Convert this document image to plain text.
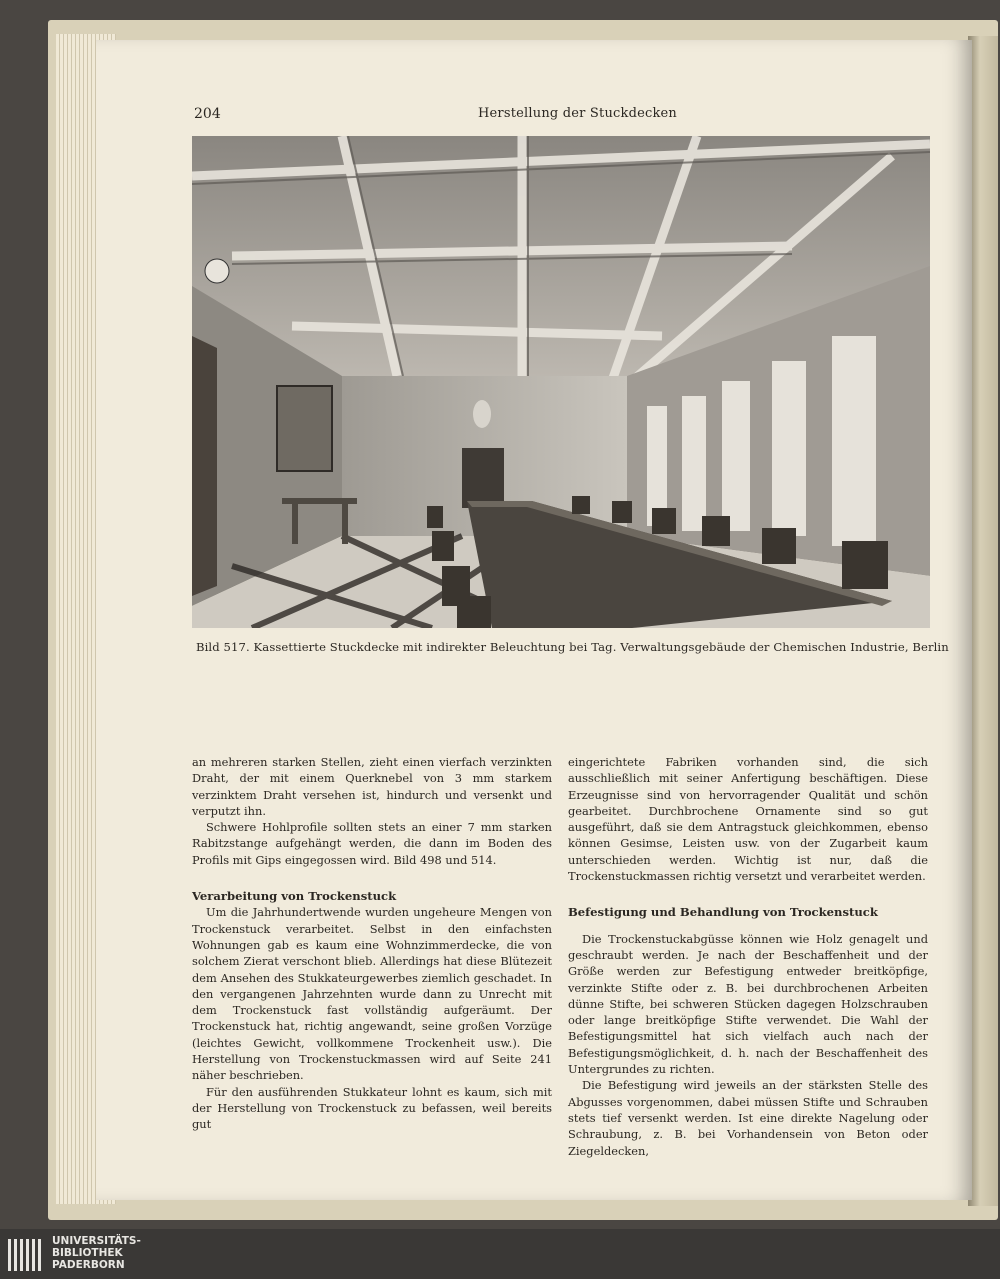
204	Herstellung der Stuckdecken
Bild 517. Kassettierte Stuckdecke mit indirekter Beleuchtung bei Tag. Verwaltungsgebäude der Chemischen Industrie, Berlin

an mehreren starken Stellen, zieht einen vierfach verzinkten Draht, der mit einem Querknebel von 3 mm starkem verzinktem Draht versehen ist, hindurch und versenkt und verputzt ihn.

Schwere Hohlprofile sollten stets an einer 7 mm starken Rabitzstange aufgehängt werden, die dann im Boden des Profils mit Gips eingegossen wird. Bild 498 und 514.

Verarbeitung von Trockenstuck

Um die Jahrhundertwende wurden ungeheure Mengen von Trockenstuck verarbeitet. Selbst in den einfachsten Wohnungen gab es kaum eine Wohnzimmerdecke, die von solchem Zierat verschont blieb. Allerdings hat diese Blütezeit dem Ansehen des Stukkateurgewerbes ziemlich geschadet. In den vergangenen Jahrzehnten wurde dann zu Unrecht mit dem Trockenstuck fast vollständig aufgeräumt. Der Trockenstuck hat, richtig angewandt, seine großen Vorzüge (leichtes Gewicht, vollkommene Trockenheit usw.). Die Herstellung von Trockenstuckmassen wird auf Seite 241 näher beschrieben.

Für den ausführenden Stukkateur lohnt es kaum, sich mit der Herstellung von Trockenstuck zu befassen, weil bereits gut

eingerichtete Fabriken vorhanden sind, die sich ausschließlich mit seiner Anfertigung beschäftigen. Diese Erzeugnisse sind von hervorragender Qualität und schön gearbeitet. Durchbrochene Ornamente sind so gut ausgeführt, daß sie dem Antragstuck gleichkommen, ebenso können Gesimse, Leisten usw. von der Zugarbeit kaum unterschieden werden. Wichtig ist nur, daß die Trockenstuckmassen richtig versetzt und verarbeitet werden.

Befestigung und Behandlung von Trockenstuck

Die Trockenstuckabgüsse können wie Holz genagelt und geschraubt werden. Je nach der Beschaffenheit und der Größe werden zur Befestigung entweder breitköpfige, verzinkte Stifte oder z. B. bei durchbrochenen Arbeiten dünne Stifte, bei schweren Stücken dagegen Holzschrauben oder lange breitköpfige Stifte verwendet. Die Wahl der Befestigungsmittel hat sich vielfach auch nach der Befestigungsmöglichkeit, d. h. nach der Beschaffenheit des Untergrundes zu richten.

Die Befestigung wird jeweils an der stärksten Stelle des Abgusses vorgenommen, dabei müssen Stifte und Schrauben stets tief versenkt werden. Ist eine direkte Nagelung oder Schraubung, z. B. bei Vorhandensein von Beton oder Ziegeldecken,

UNIVERSITÄTS-
BIBLIOTHEK
PADERBORN
